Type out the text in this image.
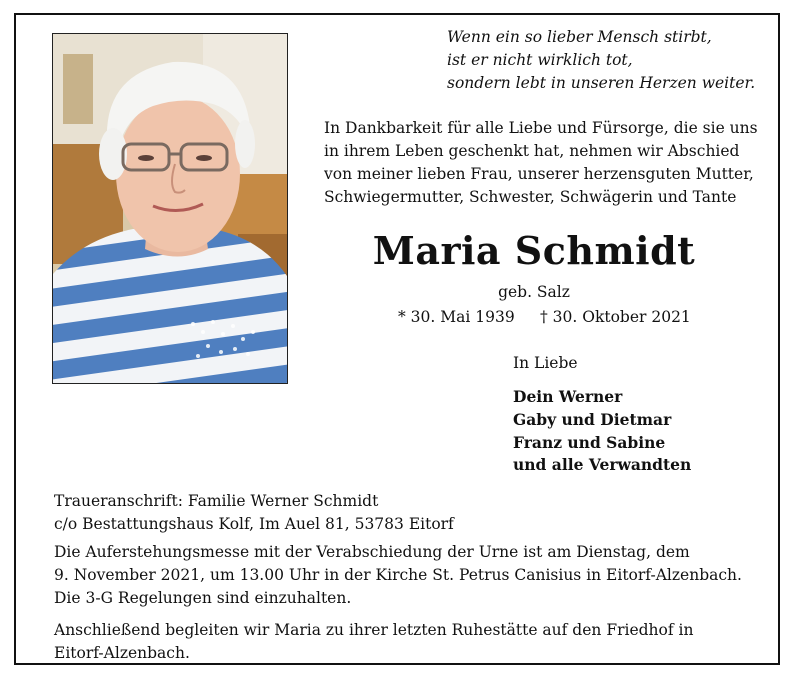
Wenn ein so lieber Mensch stirbt,
ist er nicht wirklich tot,
sondern lebt in unseren Herzen weiter.
In Dankbarkeit für alle Liebe und Fürsorge, die sie uns
in ihrem Leben geschenkt hat, nehmen wir Abschied
von meiner lieben Frau, unserer herzensguten Mutter,
Schwiegermutter, Schwester, Schwägerin und Tante
Maria Schmidt
geb. Salz
* 30. Mai 1939 † 30. Oktober 2021
In Liebe
Dein Werner
Gaby und Dietmar
Franz und Sabine
und alle Verwandten
Traueranschrift: Familie Werner Schmidt
c/o Bestattungshaus Kolf, Im Auel 81, 53783 Eitorf
Die Auferstehungsmesse mit der Verabschiedung der Urne ist am Dienstag, dem
9. November 2021, um 13.00 Uhr in der Kirche St. Petrus Canisius in Eitorf-Alzenbach.
Die 3-G Regelungen sind einzuhalten.
Anschließend begleiten wir Maria zu ihrer letzten Ruhestätte auf den Friedhof in
Eitorf-Alzenbach.
